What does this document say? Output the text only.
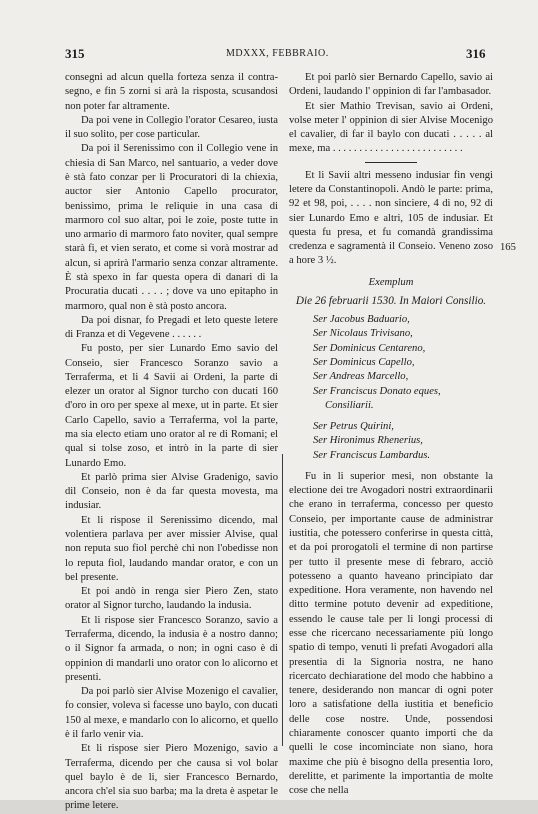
315	MDXXX, FEBBRAIO.	316
165

consegni ad alcun quella forteza senza il contra-segno, e fin 5 zorni si arà la risposta, scusandosi non poter far altramente.

Da poi vene in Collegio l'orator Cesareo, iusta il suo solito, per cose particular.

Da poi il Serenissimo con il Collegio vene in chiesia di San Marco, nel santuario, a veder dove è stà fato conzar per li Procuratori di la chiexia, auctor sier Antonio Capello procurator, benissimo, prima le reliquie in una casa di marmoro col suo altar, poi le zoie, poste tutte in uno armario di marmoro fato noviter, qual sempre starà fi, et vien serato, et come si vorà mostrar ad alcun, si aprirà l'armario senza conzar altramente. È stà spexo in far questa opera di danari di la Procuratia ducati . . . . ; dove va uno epitapho in marmoro, qual non è stà posto ancora.

Da poi disnar, fo Pregadi et leto queste letere di Franza et di Vegevene . . . . . .

Fu posto, per sier Lunardo Emo savio del Conseio, sier Francesco Soranzo savio a Terraferma, et li 4 Savii ai Ordeni, la parte di elezer un orator al Signor turcho con ducati 160 d'oro in oro per spexe al mexe, ut in parte. Et sier Carlo Capello, savio a Terraferma, vol la parte, ma sia electo etiam uno orator al re di Romani; el qual si tolse zoso, et intrò in la parte di sier Lunardo Emo.

Et parlò prima sier Alvise Gradenigo, savio dil Conseio, non è da far questa movesta, ma indusiar.

Et li rispose il Serenissimo dicendo, mal volentiera parlava per aver missier Alvise, qual non reputa suo fiol perchè chi non l'obedisse non lo reputa fiol, laudando mandar orator, e con un bel presente.

Et poi andò in renga sier Piero Zen, stato orator al Signor turcho, laudando la indusia.

Et li rispose sier Francesco Soranzo, savio a Terraferma, dicendo, la indusia è a nostro danno; o il Signor fa armada, o non; in ogni caso è di oppinion di mandarli uno orator con lo alicorno et presenti.

Da poi parlò sier Alvise Mozenigo el cavalier, fo consier, voleva si facesse uno baylo, con ducati 150 al mexe, e mandarlo con lo alicorno, et quello è il farlo venir via.

Et li rispose sier Piero Mozenigo, savio a Terraferma, dicendo per che causa si vol bolar quel baylo è de li, sier Francesco Bernardo, ancora ch'el sia suo barba; ma la dreta è aspetar le prime letere.

Et poi parlò sier Bernardo Capello, savio ai Ordeni, laudando l' oppinion di far l'ambasador.

Et sier Mathio Trevisan, savio ai Ordeni, volse meter l' oppinion di sier Alvise Mocenigo el cavalier, di far il baylo con ducati . . . . . al mexe, ma . . . . . . . . . . . . . . . . . . . . . . . . .

Et li Savii altri messeno indusiar fin vengi letere da Constantinopoli. Andò le parte: prima, 92 et 98, poi, . . . . non sinciere, 4 di no, 92 di sier Lunardo Emo e altri, 105 de indusiar. Et questa fu presa, et fu comandà grandissima credenza e sagramentà il Conseio. Veneno zoso a hore 3 ½.

Exemplum
Die 26 februarii 1530. In Maiori Consilio.
Ser Jacobus Baduario,
Ser Nicolaus Trivisano,
Ser Dominicus Centareno,
Ser Dominicus Capello,
Ser Andreas Marcello,
Ser Franciscus Donato eques,
Consiliarii.
Ser Petrus Quirini,
Ser Hironimus Rhenerius,
Ser Franciscus Lambardus.

Fu in li superior mesi, non obstante la electione dei tre Avogadori nostri extraordinarii che erano in terraferma, concesso per questo Conseio, per importante cause de administrar iustitia, che potessero conferirse in questa città, et da poi prorogatoli el termine di non partirse per tutto il presente mese di febraro, acciò potesseno a quanto haveano principiato dar expeditione. Hora veramente, non havendo nel ditto termine potuto devenir ad expeditione, essendo le cause tale per li longi processi di esse che ricercano necessariamente più longo spatio di tempo, venuti li prefati Avogadori alla presentia di la Signoria nostra, ne hano ricercato dechiaratione del modo che habbino a tenere, desiderando non mancar di ogni poter loro a satisfatione della iustitia et beneficio delle cose nostre. Unde, possendosi chiaramente conoscer quanto importi che da quelli le cose incominciate non siano, hora maxime che più è bisogno della presentia loro, derelitte, et parimente la importantia de molte cose che nella
